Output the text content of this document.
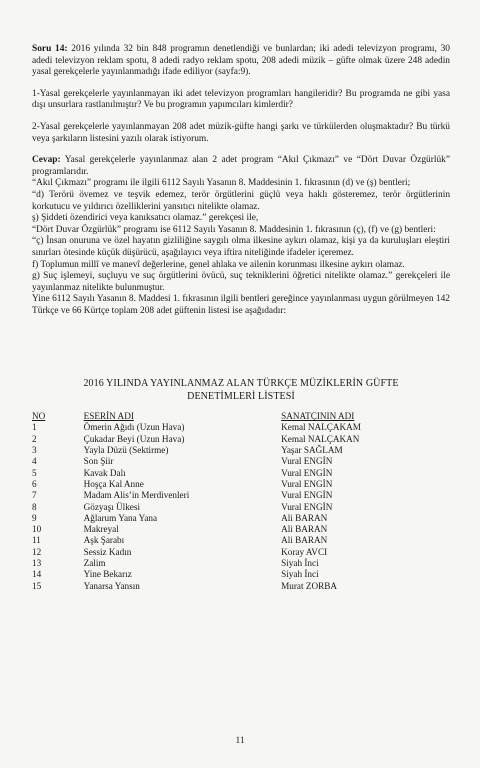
Soru 14: 2016 yılında 32 bin 848 programın denetlendiği ve bunlardan; iki adedi televizyon programı, 30 adedi televizyon reklam spotu, 8 adedi radyo reklam spotu, 208 adedi müzik – güfte olmak üzere 248 adedin yasal gerekçelerle yayınlanmadığı ifade ediliyor (sayfa:9).

1-Yasal gerekçelerle yayınlanmayan iki adet televizyon programları hangileridir? Bu programda ne gibi yasa dışı unsurlara rastlanılmıştır? Ve bu programın yapımcıları kimlerdir?

2-Yasal gerekçelerle yayınlanmayan 208 adet müzik-güfte hangi şarkı ve türkülerden oluşmaktadır? Bu türkü veya şarkıların listesini yazılı olarak istiyorum.

Cevap: Yasal gerekçelerle yayınlanmaz alan 2 adet program “Akıl Çıkmazı” ve “Dört Duvar Özgürlük” programlarıdır.

“Akıl Çıkmazı” programı ile ilgili 6112 Sayılı Yasanın 8. Maddesinin 1. fıkrasının (d) ve (ş) bentleri;

“d) Terörü övemez ve teşvik edemez, terör örgütlerini güçlü veya haklı gösteremez, terör örgütlerinin korkutucu ve yıldırıcı özelliklerini yansıtıcı nitelikte olamaz.

ş) Şiddeti özendirici veya kanıksatıcı olamaz.” gerekçesi ile,

“Dört Duvar Özgürlük” programı ise 6112 Sayılı Yasanın 8. Maddesinin 1. fıkrasının (ç), (f) ve (g) bentleri:

“ç) İnsan onuruna ve özel hayatın gizliliğine saygılı olma ilkesine aykırı olamaz, kişi ya da kuruluşları eleştiri sınırları ötesinde küçük düşürücü, aşağılayıcı veya iftira niteliğinde ifadeler içeremez.

f) Toplumun millî ve manevî değerlerine, genel ahlaka ve ailenin korunması ilkesine aykırı olamaz.

g) Suç işlemeyi, suçluyu ve suç örgütlerini övücü, suç tekniklerini öğretici nitelikte olamaz.” gerekçeleri ile yayınlanmaz nitelikte bulunmuştur.

Yine 6112 Sayılı Yasanın 8. Maddesi 1. fıkrasının ilgili bentleri gereğince yayınlanması uygun görülmeyen 142 Türkçe ve 66 Kürtçe toplam 208 adet güftenin listesi ise aşağıdadır:

2016 YILINDA YAYINLANMAZ ALAN TÜRKÇE MÜZİKLERİN GÜFTE
DENETİMLERİ LİSTESİ
NO	ESERİN ADI	SANATÇININ ADI
1	Ömerin Ağıdı (Uzun Hava)	Kemal NALÇAKAM
2	Çukadar Beyi (Uzun Hava)	Kemal NALÇAKAN
3	Yayla Düzü (Sektirme)	Yaşar SAĞLAM
4	Son Şiir	Vural ENGİN
5	Kavak Dalı	Vural ENGİN
6	Hoşça Kal Anne	Vural ENGİN
7	Madam Alis’in Merdivenleri	Vural ENGİN
8	Gözyaşı Ülkesi	Vural ENGİN
9	Ağlarum Yana Yana	Ali BARAN
10	Makreyal	Ali BARAN
11	Aşk Şarabı	Ali BARAN
12	Sessiz Kadın	Koray AVCI
13	Zalim	Siyah İnci
14	Yine Bekarız	Siyah İnci
15	Yanarsa Yansın	Murat ZORBA
11
